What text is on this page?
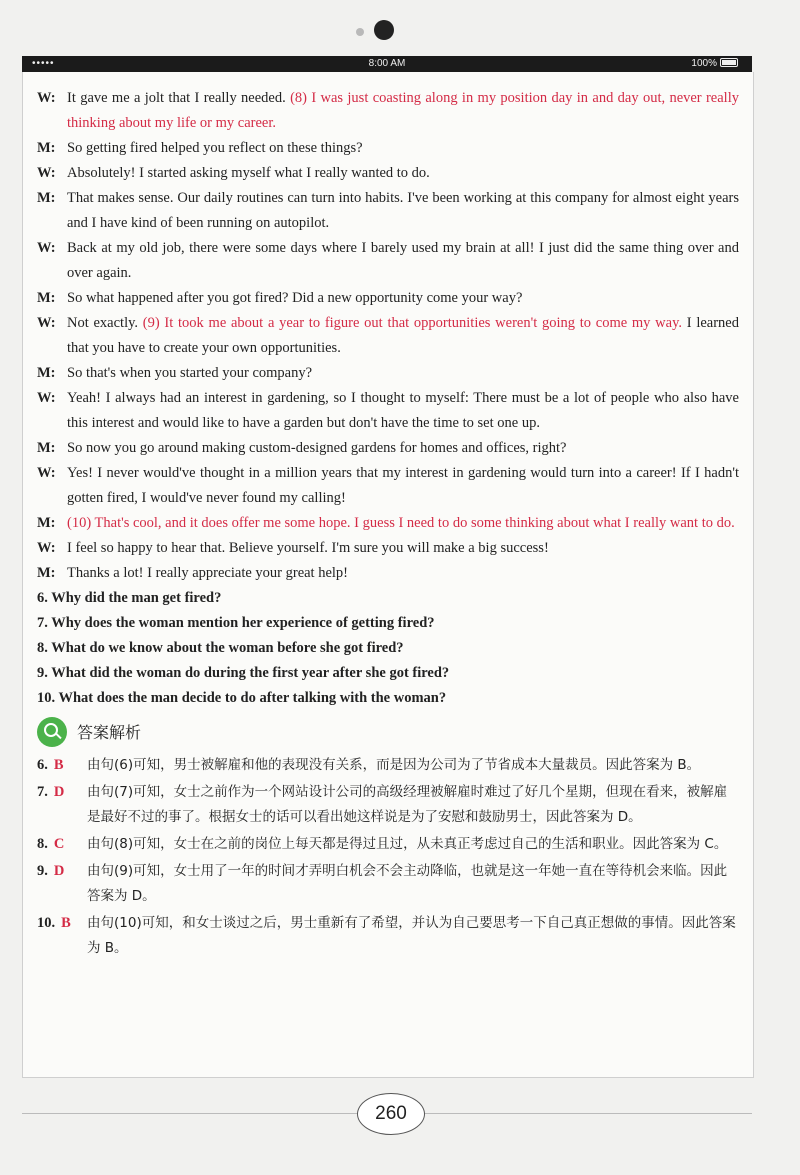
•••••	8:00 AM	100%
W: It gave me a jolt that I really needed. (8) I was just coasting along in my position day in and day out, never really thinking about my life or my career.
M: So getting fired helped you reflect on these things?
W: Absolutely! I started asking myself what I really wanted to do.
M: That makes sense. Our daily routines can turn into habits. I've been working at this company for almost eight years and I have kind of been running on autopilot.
W: Back at my old job, there were some days where I barely used my brain at all! I just did the same thing over and over again.
M: So what happened after you got fired? Did a new opportunity come your way?
W: Not exactly. (9) It took me about a year to figure out that opportunities weren't going to come my way. I learned that you have to create your own opportunities.
M: So that's when you started your company?
W: Yeah! I always had an interest in gardening, so I thought to myself: There must be a lot of people who also have this interest and would like to have a garden but don't have the time to set one up.
M: So now you go around making custom-designed gardens for homes and offices, right?
W: Yes! I never would've thought in a million years that my interest in gardening would turn into a career! If I hadn't gotten fired, I would've never found my calling!
M: (10) That's cool, and it does offer me some hope. I guess I need to do some thinking about what I really want to do.
W: I feel so happy to hear that. Believe yourself. I'm sure you will make a big success!
M: Thanks a lot! I really appreciate your great help!
6. Why did the man get fired?
7. Why does the woman mention her experience of getting fired?
8. What do we know about the woman before she got fired?
9. What did the woman do during the first year after she got fired?
10. What does the man decide to do after talking with the woman?
答案解析
6. B 由句(6)可知，男士被解雇和他的表现没有关系，而是因为公司为了节省成本大量裁员。因此答案为 B。
7. D 由句(7)可知，女士之前作为一个网站设计公司的高级经理被解雇时难过了好几个星期，但现在看来，被解雇是最好不过的事了。根据女士的话可以看出她这样说是为了安慰和鼓励男士，因此答案为 D。
8. C 由句(8)可知，女士在之前的岗位上每天都是得过且过，从未真正考虑过自己的生活和职业。因此答案为 C。
9. D 由句(9)可知，女士用了一年的时间才弄明白机会不会主动降临，也就是这一年她一直在等待机会来临。因此答案为 D。
10. B 由句(10)可知，和女士谈过之后，男士重新有了希望，并认为自己要思考一下自己真正想做的事情。因此答案为 B。
260
